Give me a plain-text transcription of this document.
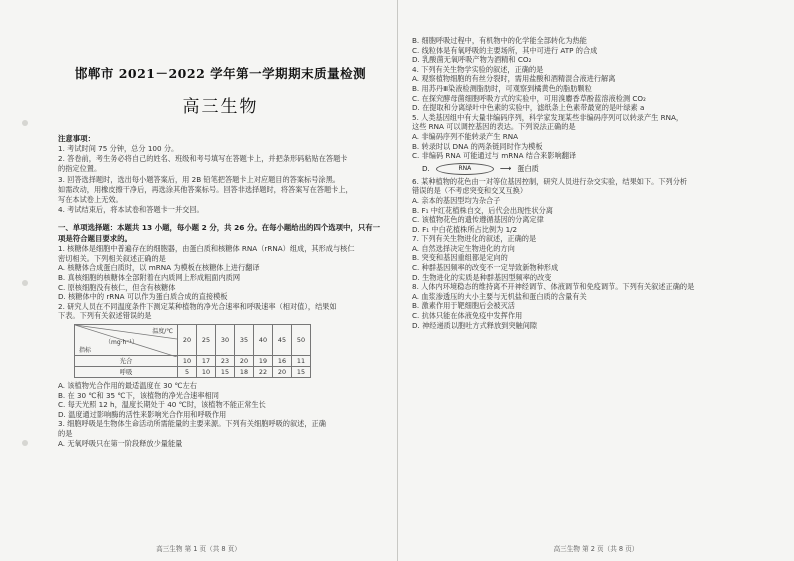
邯郸市 2021－2022 学年第一学期期末质量检测
高三生物
注意事项：
1. 考试时间 75 分钟，总分 100 分。
2. 答卷前，考生务必将自己的姓名、班级和考号填写在答题卡上，并把条形码粘贴在答题卡
的指定位置。
3. 回答选择题时，选出每小题答案后，用 2B 铅笔把答题卡上对应题目的答案标号涂黑。
如需改动，用橡皮擦干净后，再选涂其他答案标号。回答非选择题时，将答案写在答题卡上，
写在本试卷上无效。
4. 考试结束后，将本试卷和答题卡一并交回。
一、单项选择题：本题共 13 小题，每小题 2 分，共 26 分。在每小题给出的四个选项中，只有一
项是符合题目要求的。
1. 核糖体是细胞中普遍存在的细胞器，由蛋白质和核糖体 RNA（rRNA）组成，其形成与核仁
密切相关。下列相关叙述正确的是
A. 核糖体合成蛋白质时，以 mRNA 为模板在核糖体上进行翻译
B. 真核细胞的核糖体全部附着在内质网上形成粗面内质网
C. 原核细胞没有核仁，但含有核糖体
D. 核糖体中的 rRNA 可以作为蛋白质合成的直接模板
2. 研究人员在不同温度条件下测定某种植物的净光合速率和呼吸速率（相对值），结果如
下表。下列有关叙述错误的是
温度/℃
（mg·h⁻¹）
指标	20	25	30	35	40	45	50
光合	10	17	23	20	19	16	11
呼吸	5	10	15	18	22	20	15
A. 该植物光合作用的最适温度在 30 ℃左右
B. 在 30 ℃和 35 ℃下，该植物的净光合速率相同
C. 每天光照 12 h，温度长期处于 40 ℃时，该植物不能正常生长
D. 温度通过影响酶的活性来影响光合作用和呼吸作用
3. 细胞呼吸是生物体生命活动所需能量的主要来源。下列有关细胞呼吸的叙述，正确
的是
A. 无氧呼吸只在第一阶段释放少量能量
高三生物 第 1 页（共 8 页）
B. 细胞呼吸过程中，有机物中的化学能全部转化为热能
C. 线粒体是有氧呼吸的主要场所，其中可进行 ATP 的合成
D. 乳酸菌无氧呼吸产物为酒精和 CO₂
4. 下列有关生物学实验的叙述，正确的是
A. 观察植物细胞的有丝分裂时，需用盐酸和酒精混合液进行解离
B. 用苏丹Ⅲ染液检测脂肪时，可观察到橘黄色的脂肪颗粒
C. 在探究酵母菌细胞呼吸方式的实验中，可用溴麝香草酚蓝溶液检测 CO₂
D. 在提取和分离绿叶中色素的实验中，滤纸条上色素带最宽的是叶绿素 a
5. 人类基因组中有大量非编码序列，科学家发现某些非编码序列可以转录产生 RNA，
这些 RNA 可以调控基因的表达。下列说法正确的是
A. 非编码序列不能转录产生 RNA
B. 转录时以 DNA 的两条链同时作为模板
C. 非编码 RNA 可能通过与 mRNA 结合来影响翻译
D.	RNA	⟶ 蛋白质
6. 某种植物的花色由一对等位基因控制，研究人员进行杂交实验，结果如下。下列分析
错误的是（不考虑突变和交叉互换）
A. 亲本的基因型均为杂合子
B. F₁ 中红花植株自交，后代会出现性状分离
C. 该植物花色的遗传遵循基因的分离定律
D. F₁ 中白花植株所占比例为 1/2
7. 下列有关生物进化的叙述，正确的是
A. 自然选择决定生物进化的方向
B. 突变和基因重组都是定向的
C. 种群基因频率的改变不一定导致新物种形成
D. 生物进化的实质是种群基因型频率的改变
8. 人体内环境稳态的维持离不开神经调节、体液调节和免疫调节。下列有关叙述正确的是
A. 血浆渗透压的大小主要与无机盐和蛋白质的含量有关
B. 激素作用于靶细胞后会被灭活
C. 抗体只能在体液免疫中发挥作用
D. 神经递质以胞吐方式释放到突触间隙
高三生物 第 2 页（共 8 页）
